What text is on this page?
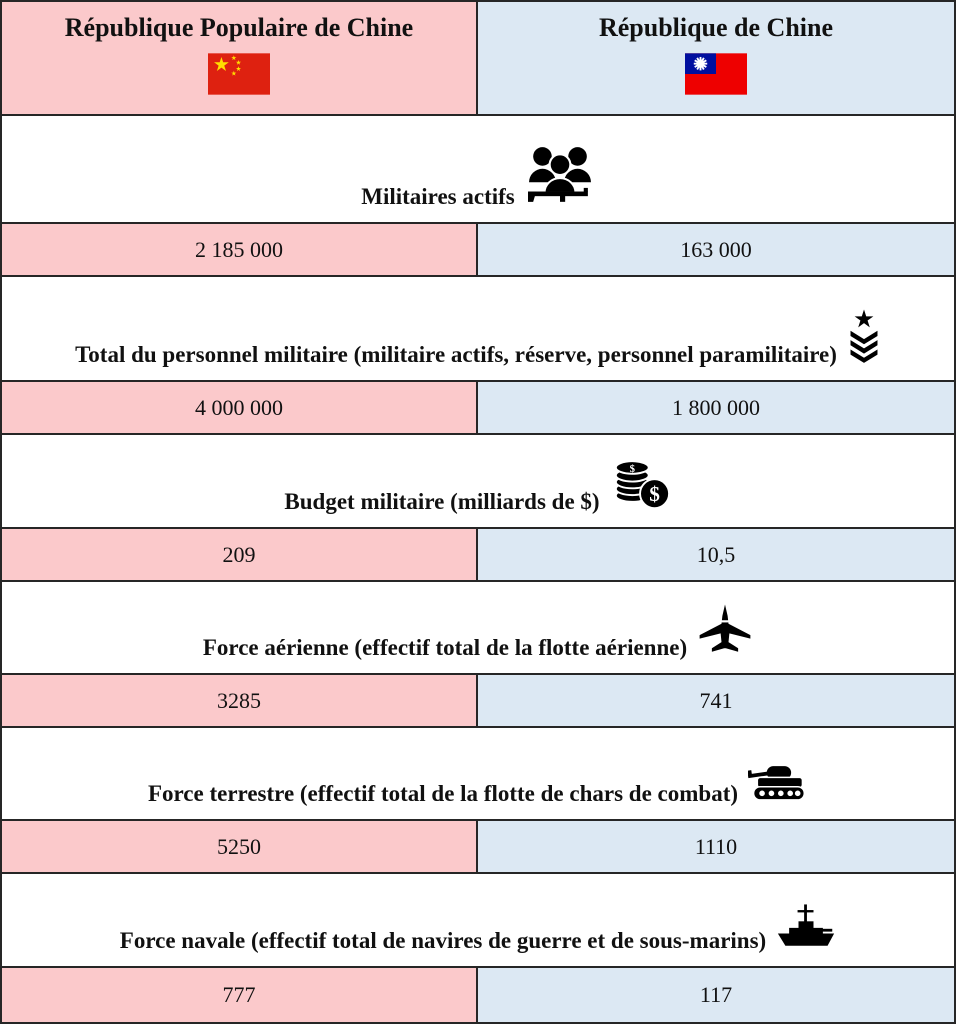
République Populaire de Chine	République de Chine
Militaires actifs
2 185 000	163 000
Total du personnel militaire (militaire actifs, réserve, personnel paramilitaire)
4 000 000	1 800 000
Budget militaire (milliards de $)
$
$
209	10,5
Force aérienne (effectif total de la flotte aérienne)
3285	741
Force terrestre (effectif total de la flotte de chars de combat)
5250	1110
Force navale (effectif total de navires de guerre et de sous-marins)
777	117
